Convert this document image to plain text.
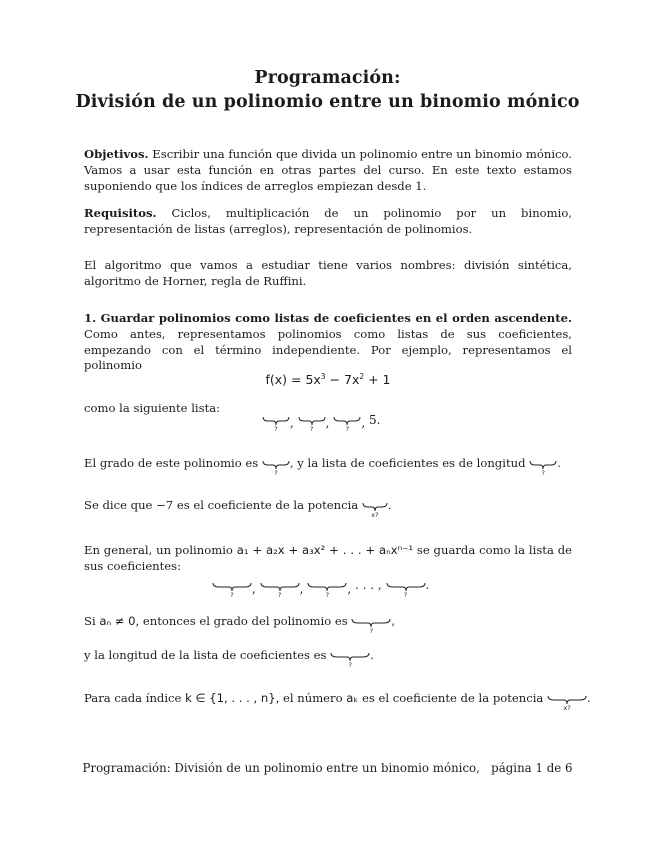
Programación:
División de un polinomio entre un binomio mónico
Objetivos. Escribir una función que divida un polinomio entre un binomio mónico. Vamos a usar esta función en otras partes del curso. En este texto estamos suponiendo que los índices de arreglos empiezan desde 1.
Requisitos. Ciclos, multiplicación de un polinomio por un binomio, representación de listas (arreglos), representación de polinomios.
El algoritmo que vamos a estudiar tiene varios nombres: división sintética, algoritmo de Horner, regla de Ruffini.
1. Guardar polinomios como listas de coeficientes en el orden ascendente. Como antes, representamos polinomios como listas de sus coeficientes, empezando con el término independiente. Por ejemplo, representamos el polinomio
$f(x) = 5x^3 - 7x^2 + 1$
como la siguiente lista:
?	,	?	,	?	, 5.
El grado de este polinomio es
?
, y la lista de coeficientes es de longitud
?
.
Se dice que −7 es el coeficiente de la potencia
x?
.
En general, un polinomio a₁ + a₂x + a₃x² + . . . + aₙxⁿ⁻¹ se guarda como la lista de sus coeficientes:
?	,	?	,	?	, . . . ,
?
.
Si aₙ ≠ 0, entonces el grado del polinomio es
?
,
y la longitud de la lista de coeficientes es
?
.
Para cada índice k ∈ {1, . . . , n}, el número aₖ es el coeficiente de la potencia
x?
.
Programación: División de un polinomio entre un binomio mónico, página 1 de 6
